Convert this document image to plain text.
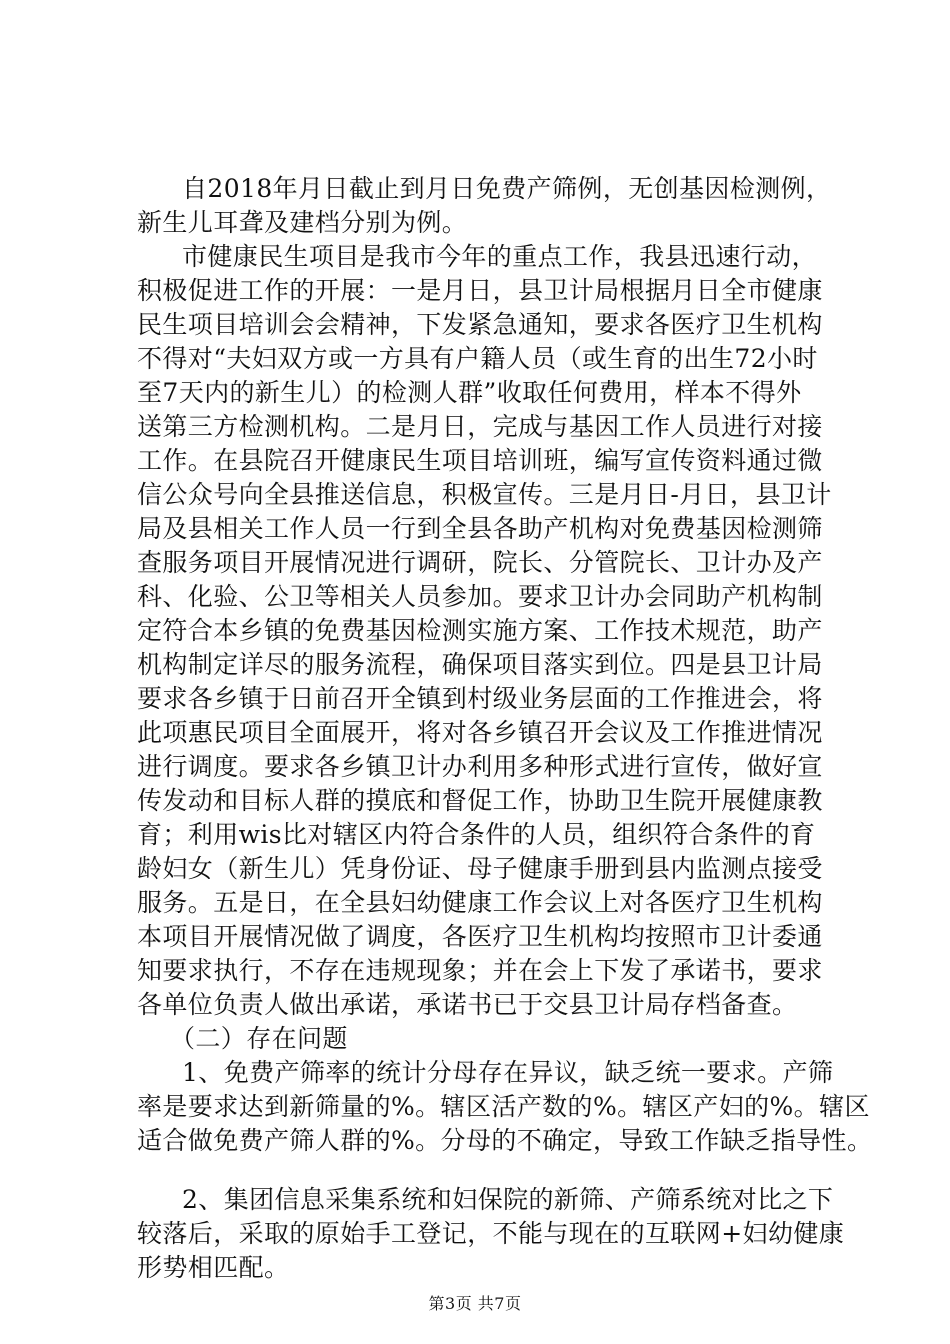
自2018年月日截止到月日免费产筛例，无创基因检测例，
新生儿耳聋及建档分别为例。
市健康民生项目是我市今年的重点工作，我县迅速行动，
积极促进工作的开展：一是月日，县卫计局根据月日全市健康
民生项目培训会会精神，下发紧急通知，要求各医疗卫生机构
不得对“夫妇双方或一方具有户籍人员（或生育的出生72小时
至7天内的新生儿）的检测人群”收取任何费用，样本不得外
送第三方检测机构。二是月日，完成与基因工作人员进行对接
工作。在县院召开健康民生项目培训班，编写宣传资料通过微
信公众号向全县推送信息，积极宣传。三是月日-月日，县卫计
局及县相关工作人员一行到全县各助产机构对免费基因检测筛
查服务项目开展情况进行调研，院长、分管院长、卫计办及产
科、化验、公卫等相关人员参加。要求卫计办会同助产机构制
定符合本乡镇的免费基因检测实施方案、工作技术规范，助产
机构制定详尽的服务流程，确保项目落实到位。四是县卫计局
要求各乡镇于日前召开全镇到村级业务层面的工作推进会，将
此项惠民项目全面展开，将对各乡镇召开会议及工作推进情况
进行调度。要求各乡镇卫计办利用多种形式进行宣传，做好宣
传发动和目标人群的摸底和督促工作，协助卫生院开展健康教
育；利用wis比对辖区内符合条件的人员，组织符合条件的育
龄妇女（新生儿）凭身份证、母子健康手册到县内监测点接受
服务。五是日，在全县妇幼健康工作会议上对各医疗卫生机构
本项目开展情况做了调度，各医疗卫生机构均按照市卫计委通
知要求执行，不存在违规现象；并在会上下发了承诺书，要求
各单位负责人做出承诺，承诺书已于交县卫计局存档备查。
（二）存在问题
1、免费产筛率的统计分母存在异议，缺乏统一要求。产筛
率是要求达到新筛量的%。辖区活产数的%。辖区产妇的%。辖区
适合做免费产筛人群的%。分母的不确定，导致工作缺乏指导性。
2、集团信息采集系统和妇保院的新筛、产筛系统对比之下
较落后，采取的原始手工登记，不能与现在的互联网+妇幼健康
形势相匹配。
第3页 共7页
